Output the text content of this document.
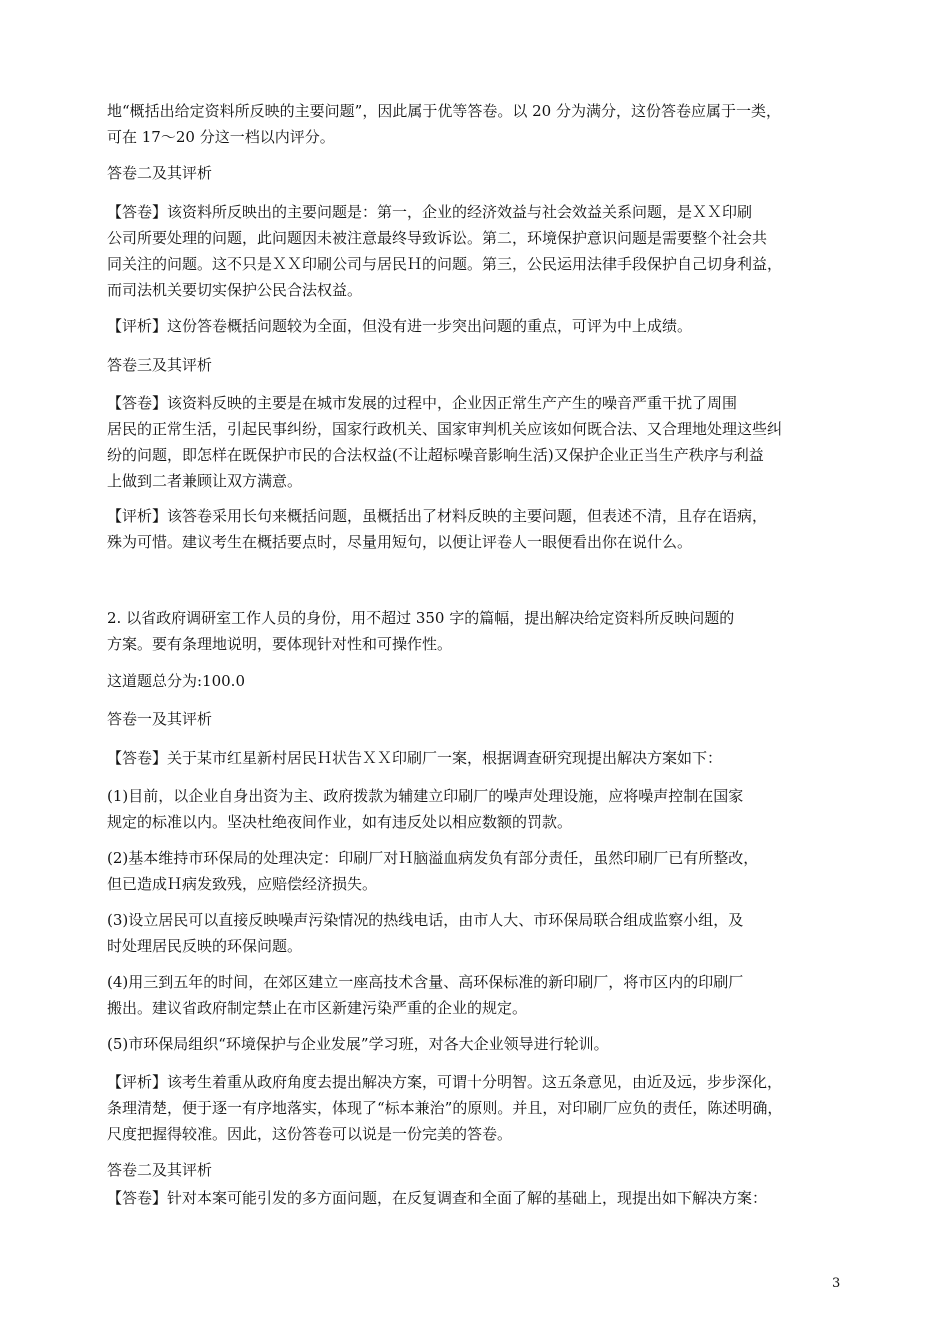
地“概括出给定资料所反映的主要问题”，因此属于优等答卷。以 20 分为满分，这份答卷应属于一类，
可在 17～20 分这一档以内评分。
答卷二及其评析
【答卷】该资料所反映出的主要问题是：第一，企业的经济效益与社会效益关系问题，是ＸＸ印刷
公司所要处理的问题，此问题因未被注意最终导致诉讼。第二，环境保护意识问题是需要整个社会共
同关注的问题。这不只是ＸＸ印刷公司与居民Ｈ的问题。第三，公民运用法律手段保护自己切身利益，
而司法机关要切实保护公民合法权益。
【评析】这份答卷概括问题较为全面，但没有进一步突出问题的重点，可评为中上成绩。
答卷三及其评析
【答卷】该资料反映的主要是在城市发展的过程中，企业因正常生产产生的噪音严重干扰了周围
居民的正常生活，引起民事纠纷，国家行政机关、国家审判机关应该如何既合法、又合理地处理这些纠
纷的问题，即怎样在既保护市民的合法权益(不让超标噪音影响生活)又保护企业正当生产秩序与利益
上做到二者兼顾让双方满意。
【评析】该答卷采用长句来概括问题，虽概括出了材料反映的主要问题，但表述不清，且存在语病，
殊为可惜。建议考生在概括要点时，尽量用短句，以便让评卷人一眼便看出你在说什么。
2. 以省政府调研室工作人员的身份，用不超过 350 字的篇幅，提出解决给定资料所反映问题的
方案。要有条理地说明，要体现针对性和可操作性。
这道题总分为:100.0
答卷一及其评析
【答卷】关于某市红星新村居民Ｈ状告ＸＸ印刷厂一案，根据调查研究现提出解决方案如下：
(1)目前，以企业自身出资为主、政府拨款为辅建立印刷厂的噪声处理设施，应将噪声控制在国家
规定的标准以内。坚决杜绝夜间作业，如有违反处以相应数额的罚款。
(2)基本维持市环保局的处理决定：印刷厂对Ｈ脑溢血病发负有部分责任，虽然印刷厂已有所整改，
但已造成Ｈ病发致残，应赔偿经济损失。
(3)设立居民可以直接反映噪声污染情况的热线电话，由市人大、市环保局联合组成监察小组，及
时处理居民反映的环保问题。
(4)用三到五年的时间，在郊区建立一座高技术含量、高环保标准的新印刷厂，将市区内的印刷厂
搬出。建议省政府制定禁止在市区新建污染严重的企业的规定。
(5)市环保局组织“环境保护与企业发展”学习班，对各大企业领导进行轮训。
【评析】该考生着重从政府角度去提出解决方案，可谓十分明智。这五条意见，由近及远，步步深化，
条理清楚，便于逐一有序地落实，体现了“标本兼治”的原则。并且，对印刷厂应负的责任，陈述明确，
尺度把握得较准。因此，这份答卷可以说是一份完美的答卷。
答卷二及其评析
【答卷】针对本案可能引发的多方面问题，在反复调查和全面了解的基础上，现提出如下解决方案：
3
